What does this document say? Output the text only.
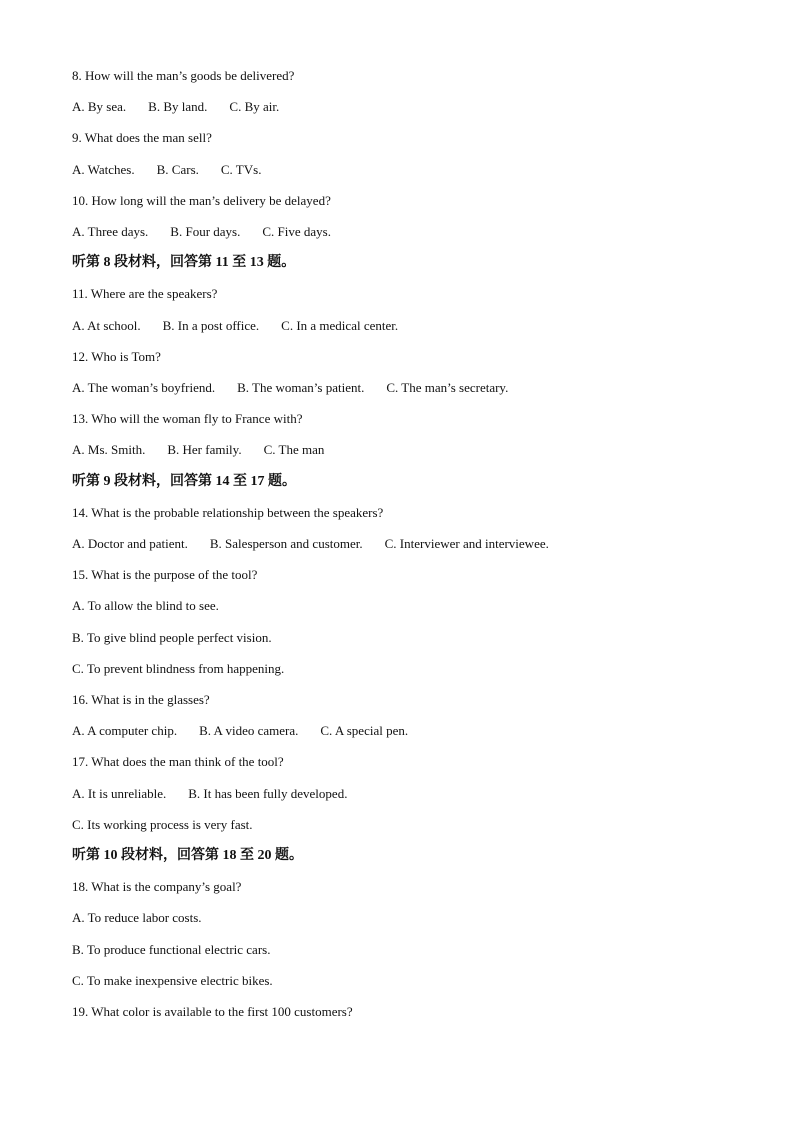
8. How will the man’s goods be delivered?
A. By sea. B. By land. C. By air.
9. What does the man sell?
A. Watches. B. Cars. C. TVs.
10. How long will the man’s delivery be delayed?
A. Three days. B. Four days. C. Five days.
听第 8 段材料，回答第 11 至 13 题。
11. Where are the speakers?
A. At school. B. In a post office. C. In a medical center.
12. Who is Tom?
A. The woman’s boyfriend. B. The woman’s patient. C. The man’s secretary.
13. Who will the woman fly to France with?
A. Ms. Smith. B. Her family. C. The man
听第 9 段材料，回答第 14 至 17 题。
14. What is the probable relationship between the speakers?
A. Doctor and patient. B. Salesperson and customer. C. Interviewer and interviewee.
15. What is the purpose of the tool?
A. To allow the blind to see.
B. To give blind people perfect vision.
C. To prevent blindness from happening.
16. What is in the glasses?
A. A computer chip. B. A video camera. C. A special pen.
17. What does the man think of the tool?
A. It is unreliable. B. It has been fully developed.
C. Its working process is very fast.
听第 10 段材料，回答第 18 至 20 题。
18. What is the company’s goal?
A. To reduce labor costs.
B. To produce functional electric cars.
C. To make inexpensive electric bikes.
19. What color is available to the first 100 customers?
